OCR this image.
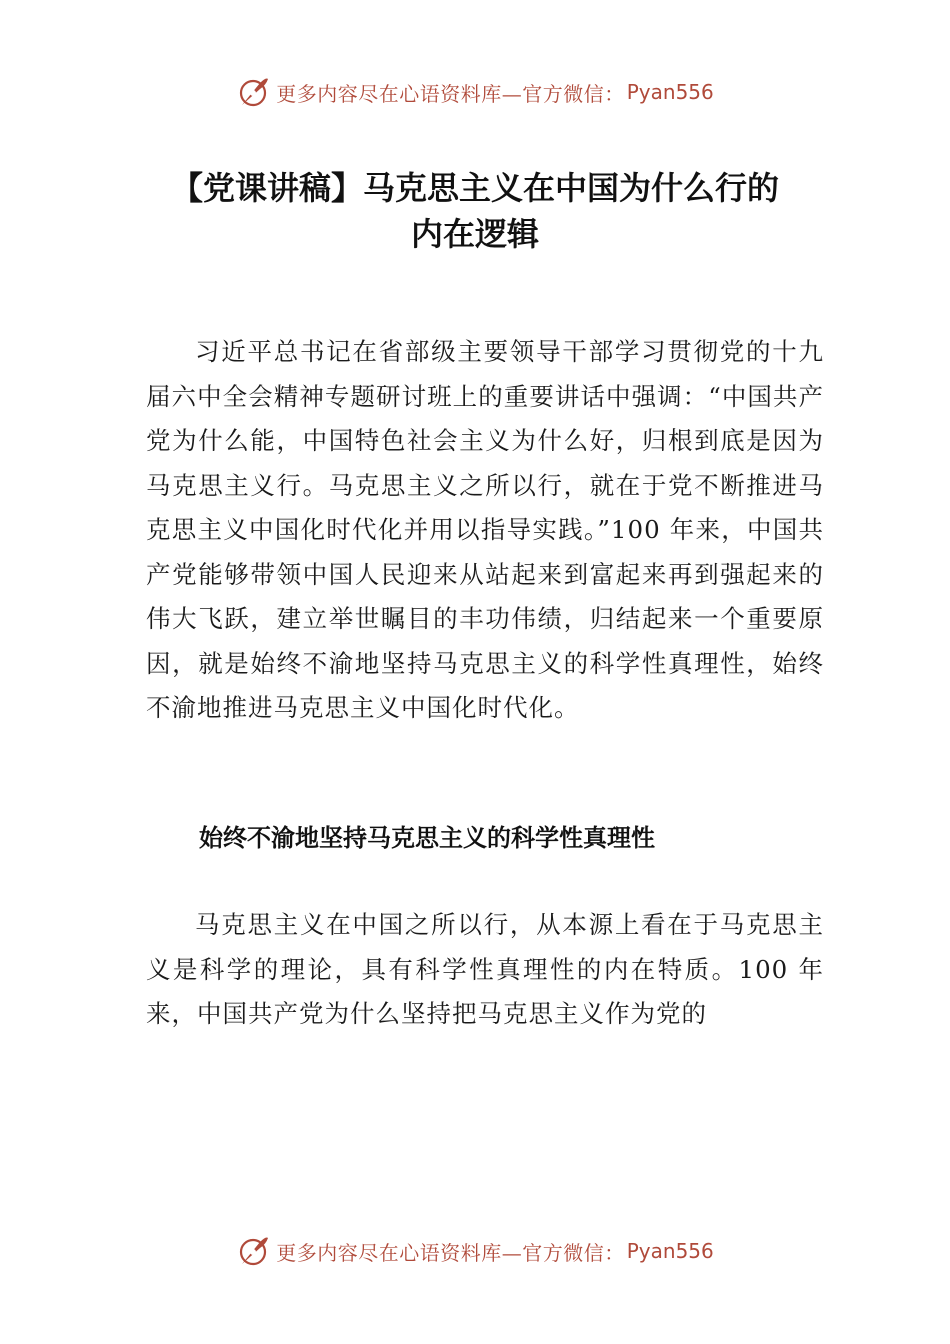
更多内容尽在心语资料库—官方微信： Pyan556
【党课讲稿】马克思主义在中国为什么行的
内在逻辑

习近平总书记在省部级主要领导干部学习贯彻党的十九届六中全会精神专题研讨班上的重要讲话中强调：“中国共产党为什么能，中国特色社会主义为什么好，归根到底是因为马克思主义行。马克思主义之所以行，就在于党不断推进马克思主义中国化时代化并用以指导实践。”100 年来，中国共产党能够带领中国人民迎来从站起来到富起来再到强起来的伟大飞跃，建立举世瞩目的丰功伟绩，归结起来一个重要原因，就是始终不渝地坚持马克思主义的科学性真理性，始终不渝地推进马克思主义中国化时代化。

始终不渝地坚持马克思主义的科学性真理性

马克思主义在中国之所以行，从本源上看在于马克思主义是科学的理论，具有科学性真理性的内在特质。100 年来，中国共产党为什么坚持把马克思主义作为党的

更多内容尽在心语资料库—官方微信： Pyan556
